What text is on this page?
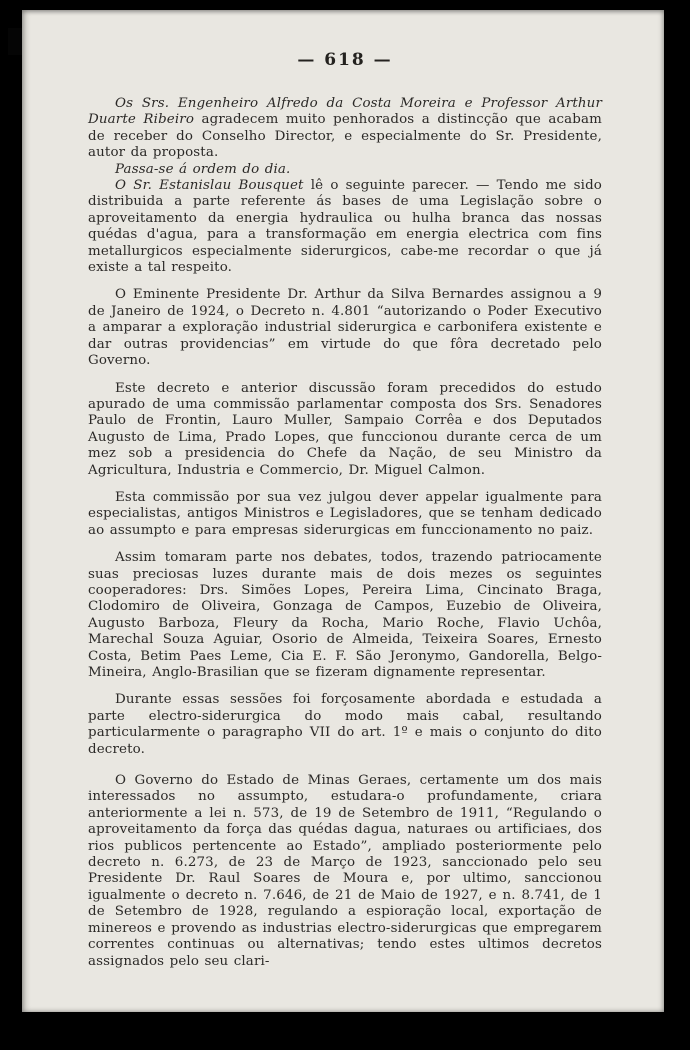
— 618 —

Os Srs. Engenheiro Alfredo da Costa Moreira e Professor Arthur Duarte Ribeiro agradecem muito penhorados a distincção que acabam de receber do Conselho Director, e especialmente do Sr. Presidente, autor da proposta.

Passa-se á ordem do dia.

O Sr. Estanislau Bousquet lê o seguinte parecer. — Tendo me sido distribuida a parte referente ás bases de uma Legislação sobre o aproveitamento da energia hydraulica ou hulha branca das nossas quédas d'agua, para a transformação em energia electrica com fins metallurgicos especialmente siderurgicos, cabe-me recordar o que já existe a tal respeito.

O Eminente Presidente Dr. Arthur da Silva Bernardes assignou a 9 de Janeiro de 1924, o Decreto n. 4.801 “autorizando o Poder Executivo a amparar a exploração industrial siderurgica e carbonifera existente e dar outras providencias” em virtude do que fôra decretado pelo Governo.

Este decreto e anterior discussão foram precedidos do estudo apurado de uma commissão parlamentar composta dos Srs. Senadores Paulo de Frontin, Lauro Muller, Sampaio Corrêa e dos Deputados Augusto de Lima, Prado Lopes, que funccionou durante cerca de um mez sob a presidencia do Chefe da Nação, de seu Ministro da Agricultura, Industria e Commercio, Dr. Miguel Calmon.

Esta commissão por sua vez julgou dever appelar igualmente para especialistas, antigos Ministros e Legisladores, que se tenham dedicado ao assumpto e para empresas siderurgicas em funccionamento no paiz.

Assim tomaram parte nos debates, todos, trazendo patriocamente suas preciosas luzes durante mais de dois mezes os seguintes cooperadores: Drs. Simões Lopes, Pereira Lima, Cincinato Braga, Clodomiro de Oliveira, Gonzaga de Campos, Euzebio de Oliveira, Augusto Barboza, Fleury da Rocha, Mario Roche, Flavio Uchôa, Marechal Souza Aguiar, Osorio de Almeida, Teixeira Soares, Ernesto Costa, Betim Paes Leme, Cia E. F. São Jeronymo, Gandorella, Belgo-Mineira, Anglo-Brasilian que se fizeram dignamente representar.

Durante essas sessões foi forçosamente abordada e estudada a parte electro-siderurgica do modo mais cabal, resultando particularmente o paragrapho VII do art. 1º e mais o conjunto do dito decreto.

O Governo do Estado de Minas Geraes, certamente um dos mais interessados no assumpto, estudara-o profundamente, criara anteriormente a lei n. 573, de 19 de Setembro de 1911, “Regulando o aproveitamento da força das quédas dagua, naturaes ou artificiaes, dos rios publicos pertencente ao Estado”, ampliado posteriormente pelo decreto n. 6.273, de 23 de Março de 1923, sanccionado pelo seu Presidente Dr. Raul Soares de Moura e, por ultimo, sanccionou igualmente o decreto n. 7.646, de 21 de Maio de 1927, e n. 8.741, de 1 de Setembro de 1928, regulando a espioração local, exportação de minereos e provendo as industrias electro-siderurgicas que empregarem correntes continuas ou alternativas; tendo estes ultimos decretos assignados pelo seu clari-
